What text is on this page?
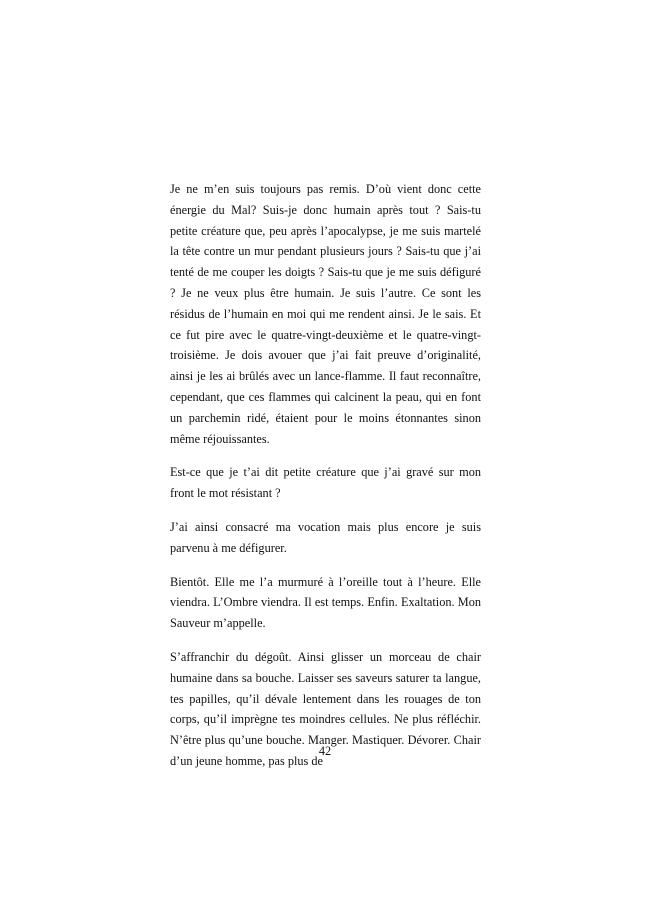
Je ne m’en suis toujours pas remis. D’où vient donc cette énergie du Mal? Suis-je donc humain après tout ? Sais-tu petite créature que, peu après l’apocalypse, je me suis martelé la tête contre un mur pendant plusieurs jours ? Sais-tu que j’ai tenté de me couper les doigts ? Sais-tu que je me suis défiguré ? Je ne veux plus être humain. Je suis l’autre. Ce sont les résidus de l’humain en moi qui me rendent ainsi. Je le sais. Et ce fut pire avec le quatre-vingt-deuxième et le quatre-vingt-troisième. Je dois avouer que j’ai fait preuve d’originalité, ainsi je les ai brûlés avec un lance-flamme. Il faut reconnaître, cependant, que ces flammes qui calcinent la peau, qui en font un parchemin ridé, étaient pour le moins étonnantes sinon même réjouissantes.

Est-ce que je t’ai dit petite créature que j’ai gravé sur mon front le mot résistant ?

J’ai ainsi consacré ma vocation mais plus encore je suis parvenu à me défigurer.

Bientôt. Elle me l’a murmuré à l’oreille tout à l’heure. Elle viendra. L’Ombre viendra. Il est temps. Enfin. Exaltation. Mon Sauveur m’appelle.

S’affranchir du dégoût. Ainsi glisser un morceau de chair humaine dans sa bouche. Laisser ses saveurs saturer ta langue, tes papilles, qu’il dévale lentement dans les rouages de ton corps, qu’il imprègne tes moindres cellules. Ne plus réfléchir. N’être plus qu’une bouche. Manger. Mastiquer. Dévorer. Chair d’un jeune homme, pas plus de

42
